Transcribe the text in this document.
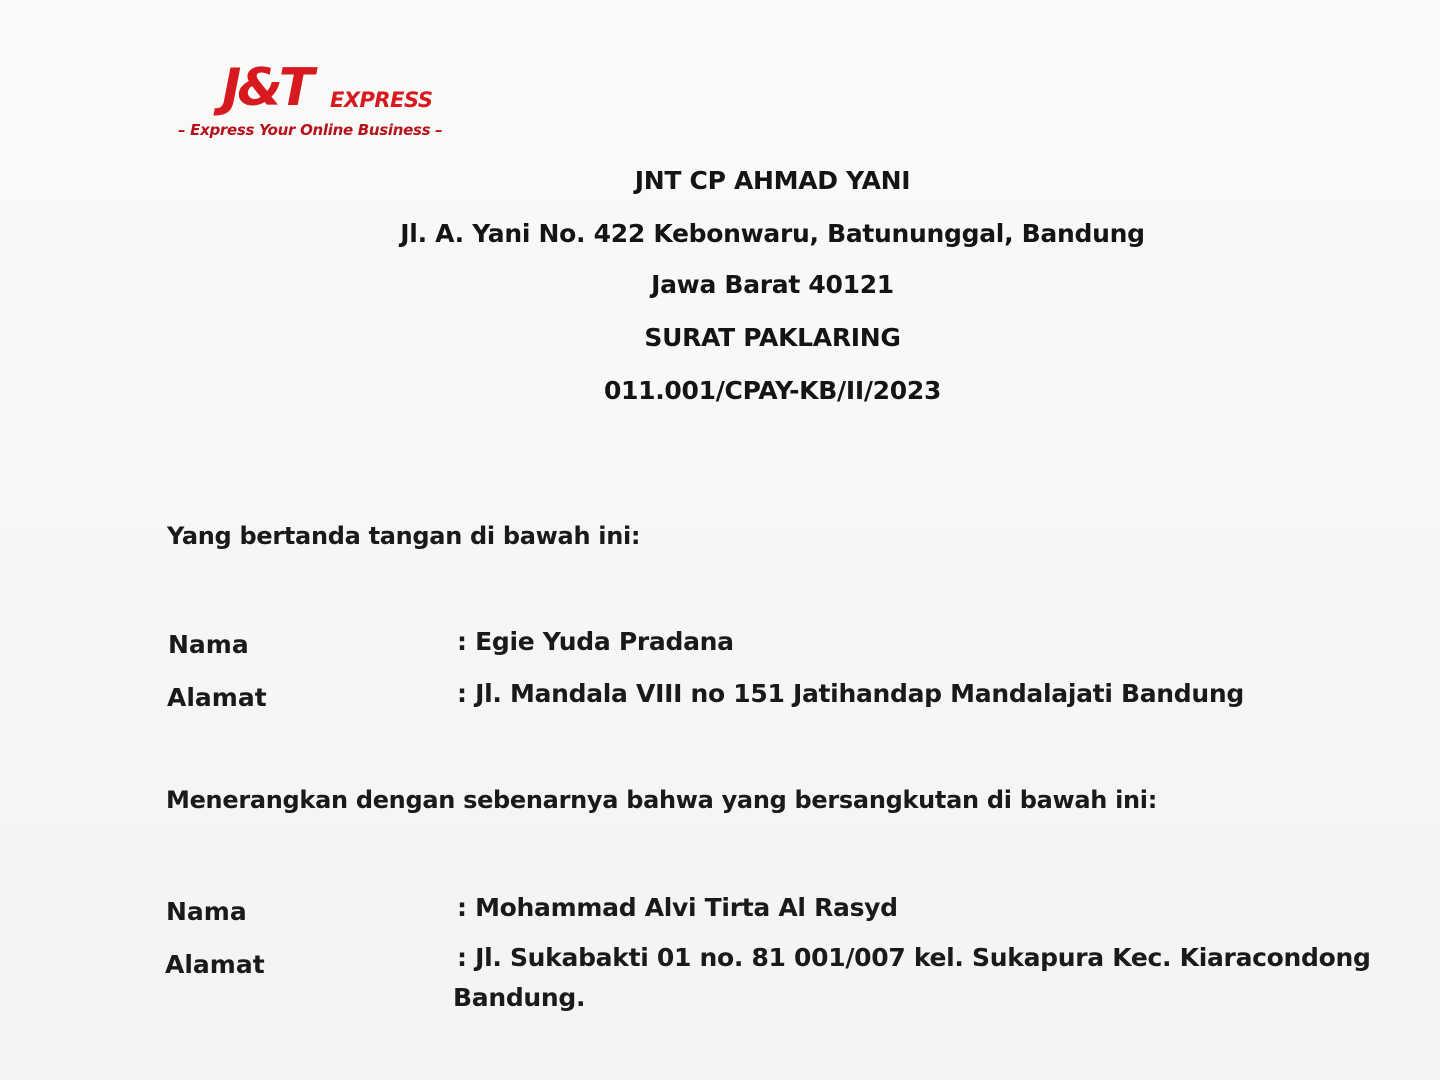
J&T EXPRESS
– Express Your Online Business –
JNT CP AHMAD YANI
Jl. A. Yani No. 422 Kebonwaru, Batununggal, Bandung
Jawa Barat 40121
SURAT PAKLARING
011.001/CPAY-KB/II/2023
Yang bertanda tangan di bawah ini:
Nama	: Egie Yuda Pradana
Alamat	: Jl. Mandala VIII no 151 Jatihandap Mandalajati Bandung
Menerangkan dengan sebenarnya bahwa yang bersangkutan di bawah ini:
Nama	: Mohammad Alvi Tirta Al Rasyd
Alamat	: Jl. Sukabakti 01 no. 81 001/007 kel. Sukapura Kec. Kiaracondong
Bandung.
